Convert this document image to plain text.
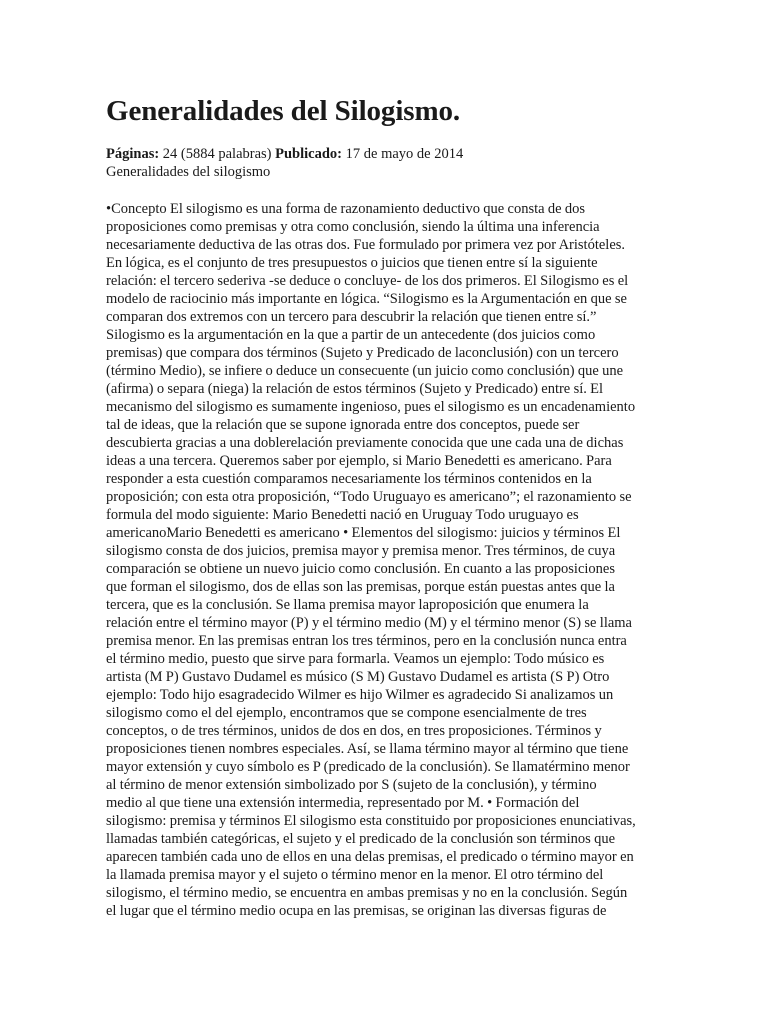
Generalidades del Silogismo.
Páginas: 24 (5884 palabras) Publicado: 17 de mayo de 2014
Generalidades del silogismo
•Concepto El silogismo es una forma de razonamiento deductivo que consta de dos
proposiciones como premisas y otra como conclusión, siendo la última una inferencia
necesariamente deductiva de las otras dos. Fue formulado por primera vez por Aristóteles.
En lógica, es el conjunto de tres presupuestos o juicios que tienen entre sí la siguiente
relación: el tercero sederiva -se deduce o concluye- de los dos primeros. El Silogismo es el
modelo de raciocinio más importante en lógica. “Silogismo es la Argumentación en que se
comparan dos extremos con un tercero para descubrir la relación que tienen entre sí.”
Silogismo es la argumentación en la que a partir de un antecedente (dos juicios como
premisas) que compara dos términos (Sujeto y Predicado de laconclusión) con un tercero
(término Medio), se infiere o deduce un consecuente (un juicio como conclusión) que une
(afirma) o separa (niega) la relación de estos términos (Sujeto y Predicado) entre sí. El
mecanismo del silogismo es sumamente ingenioso, pues el silogismo es un encadenamiento
tal de ideas, que la relación que se supone ignorada entre dos conceptos, puede ser
descubierta gracias a una doblerelación previamente conocida que une cada una de dichas
ideas a una tercera. Queremos saber por ejemplo, si Mario Benedetti es americano. Para
responder a esta cuestión comparamos necesariamente los términos contenidos en la
proposición; con esta otra proposición, “Todo Uruguayo es americano”; el razonamiento se
formula del modo siguiente: Mario Benedetti nació en Uruguay Todo uruguayo es
americanoMario Benedetti es americano • Elementos del silogismo: juicios y términos El
silogismo consta de dos juicios, premisa mayor y premisa menor. Tres términos, de cuya
comparación se obtiene un nuevo juicio como conclusión. En cuanto a las proposiciones
que forman el silogismo, dos de ellas son las premisas, porque están puestas antes que la
tercera, que es la conclusión. Se llama premisa mayor laproposición que enumera la
relación entre el término mayor (P) y el término medio (M) y el término menor (S) se llama
premisa menor. En las premisas entran los tres términos, pero en la conclusión nunca entra
el término medio, puesto que sirve para formarla. Veamos un ejemplo: Todo músico es
artista (M P) Gustavo Dudamel es músico (S M) Gustavo Dudamel es artista (S P) Otro
ejemplo: Todo hijo esagradecido Wilmer es hijo Wilmer es agradecido Si analizamos un
silogismo como el del ejemplo, encontramos que se compone esencialmente de tres
conceptos, o de tres términos, unidos de dos en dos, en tres proposiciones. Términos y
proposiciones tienen nombres especiales. Así, se llama término mayor al término que tiene
mayor extensión y cuyo símbolo es P (predicado de la conclusión). Se llamatérmino menor
al término de menor extensión simbolizado por S (sujeto de la conclusión), y término
medio al que tiene una extensión intermedia, representado por M. • Formación del
silogismo: premisa y términos El silogismo esta constituido por proposiciones enunciativas,
llamadas también categóricas, el sujeto y el predicado de la conclusión son términos que
aparecen también cada uno de ellos en una delas premisas, el predicado o término mayor en
la llamada premisa mayor y el sujeto o término menor en la menor. El otro término del
silogismo, el término medio, se encuentra en ambas premisas y no en la conclusión. Según
el lugar que el término medio ocupa en las premisas, se originan las diversas figuras de
